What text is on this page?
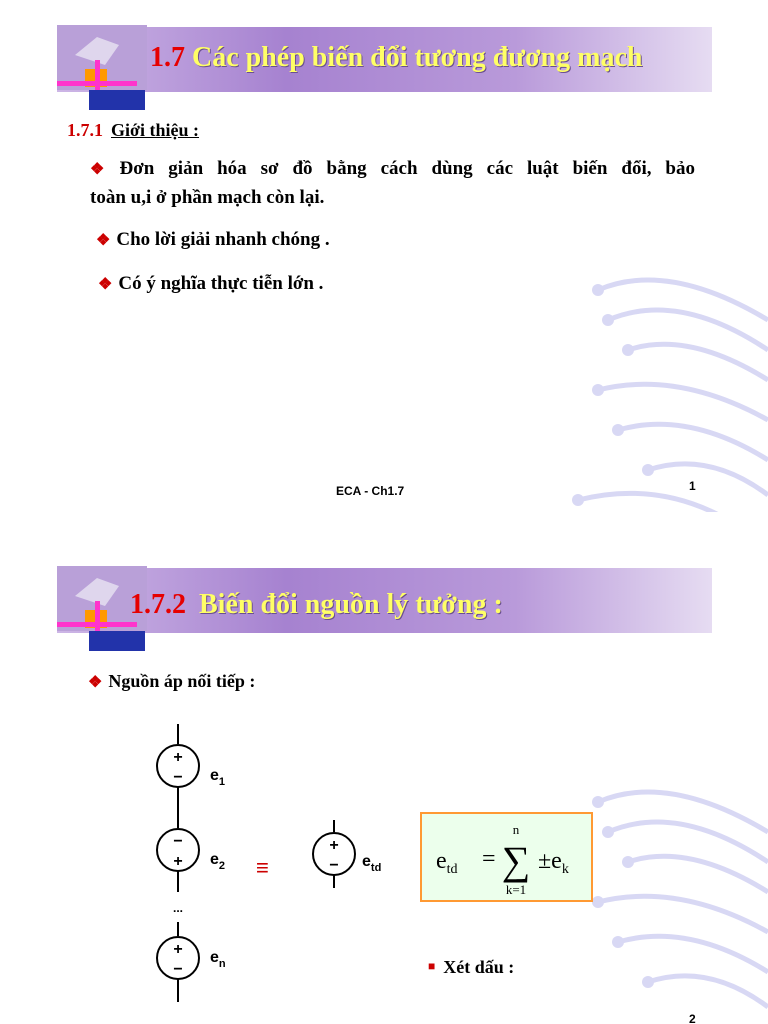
1.7 Các phép biến đổi tương đương mạch
1.7.1 Giới thiệu :
❖ Đơn giản hóa sơ đồ bằng cách dùng các luật biến đổi, bảo
toàn u,i ở phần mạch còn lại.
❖ Cho lời giải nhanh chóng .
❖ Có ý nghĩa thực tiễn lớn .
ECA - Ch1.7	1
1.7.2 Biến đổi nguồn lý tưởng :
❖ Nguồn áp nối tiếp :
+
−
−
+
+
−
+
−
...
$e_1$
$e_2$
$e_n$
$e_{td}$
≡	$e_{td}$ =
n
∑
k=1
$\pm e_k$
■ Xét dấu :
2
